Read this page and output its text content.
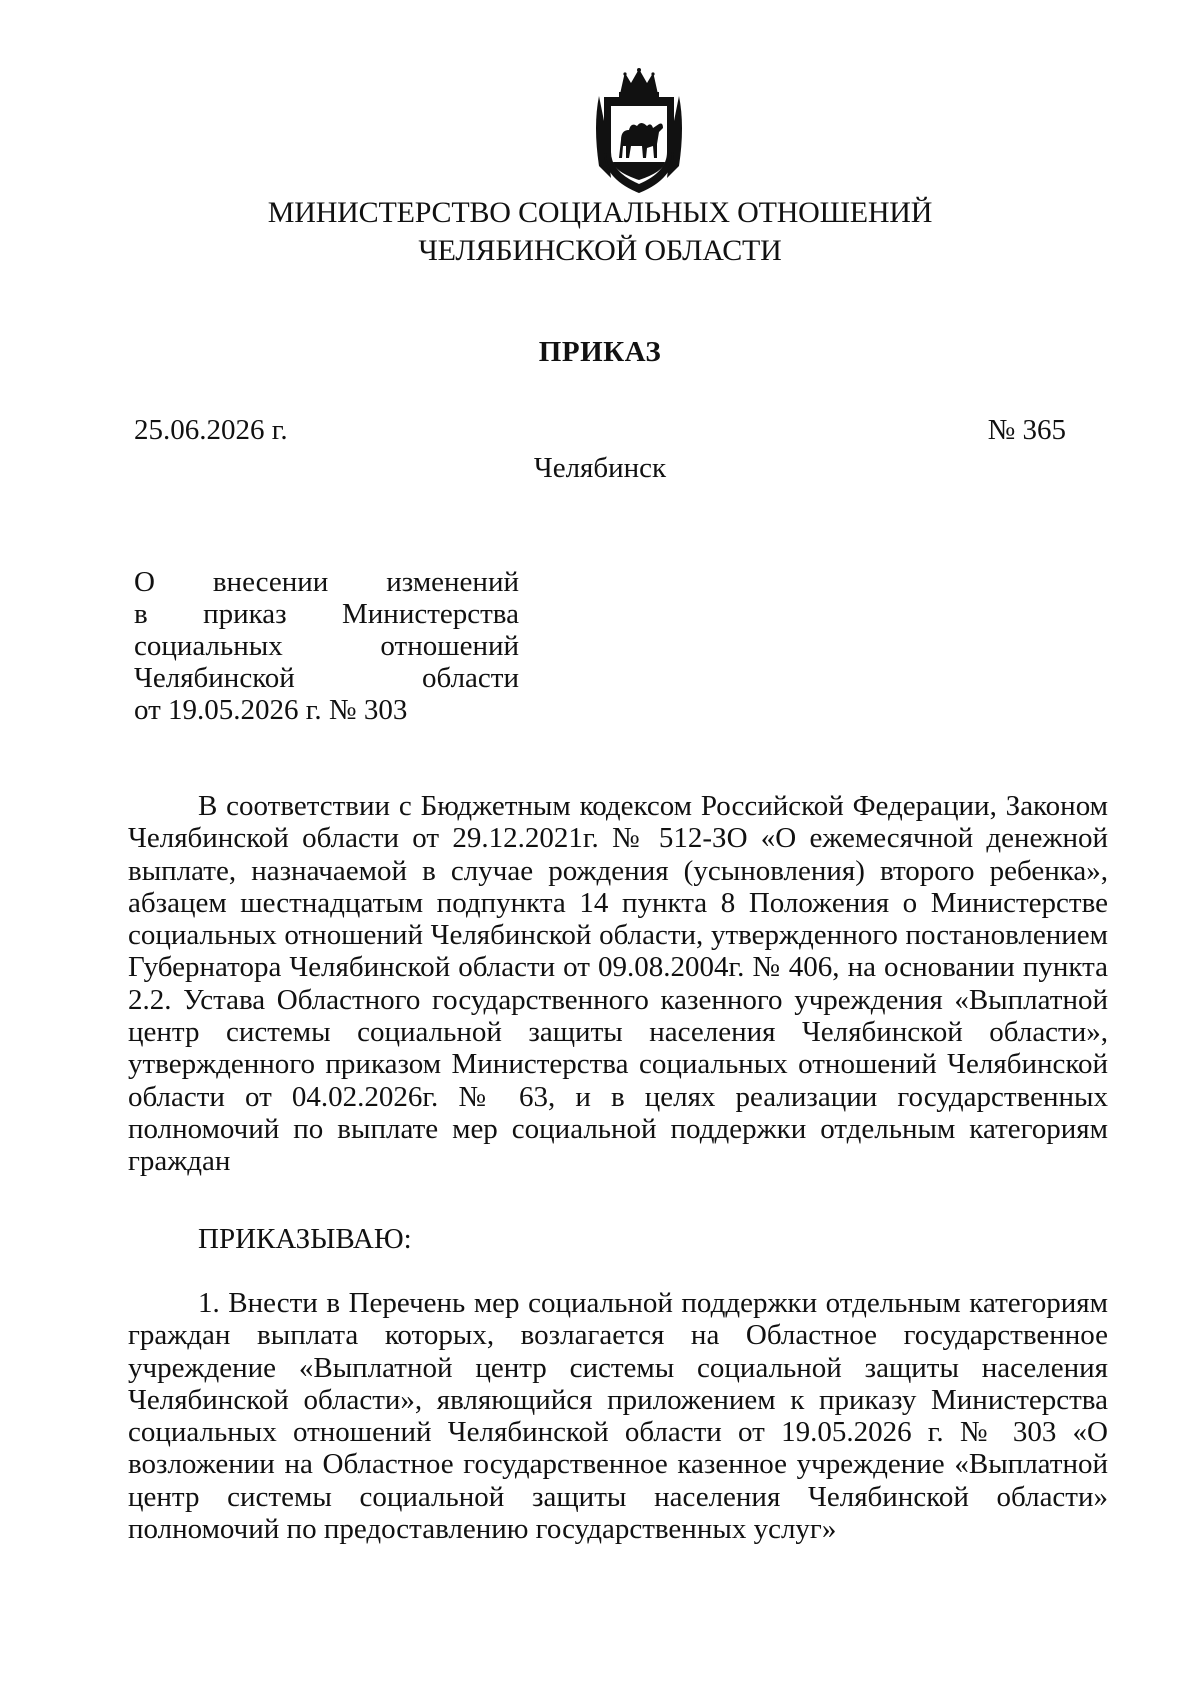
МИНИСТЕРСТВО СОЦИАЛЬНЫХ ОТНОШЕНИЙ
ЧЕЛЯБИНСКОЙ ОБЛАСТИ
ПРИКАЗ
25.06.2026 г.	№ 365
Челябинск
О внесении изменений
в приказ Министерства
социальных отношений
Челябинской области
от 19.05.2026 г. № 303
В соответствии с Бюджетным кодексом Российской Федерации, Законом Челябинской области от 29.12.2021г. № 512-ЗО «О ежемесячной денежной выплате, назначаемой в случае рождения (усыновления) второго ребенка», абзацем шестнадцатым подпункта 14 пункта 8 Положения о Министерстве социальных отношений Челябинской области, утвержденного постановлением Губернатора Челябинской области от 09.08.2004г. № 406, на основании пункта 2.2. Устава Областного государственного казенного учреждения «Выплатной центр системы социальной защиты населения Челябинской области», утвержденного приказом Министерства социальных отношений Челябинской области от 04.02.2026г. № 63, и в целях реализации государственных полномочий по выплате мер социальной поддержки отдельным категориям граждан
ПРИКАЗЫВАЮ:
1. Внести в Перечень мер социальной поддержки отдельным категориям граждан выплата которых, возлагается на Областное государственное учреждение «Выплатной центр системы социальной защиты населения Челябинской области», являющийся приложением к приказу Министерства социальных отношений Челябинской области от 19.05.2026 г. № 303 «О возложении на Областное государственное казенное учреждение «Выплатной центр системы социальной защиты населения Челябинской области» полномочий по предоставлению государственных услуг»
